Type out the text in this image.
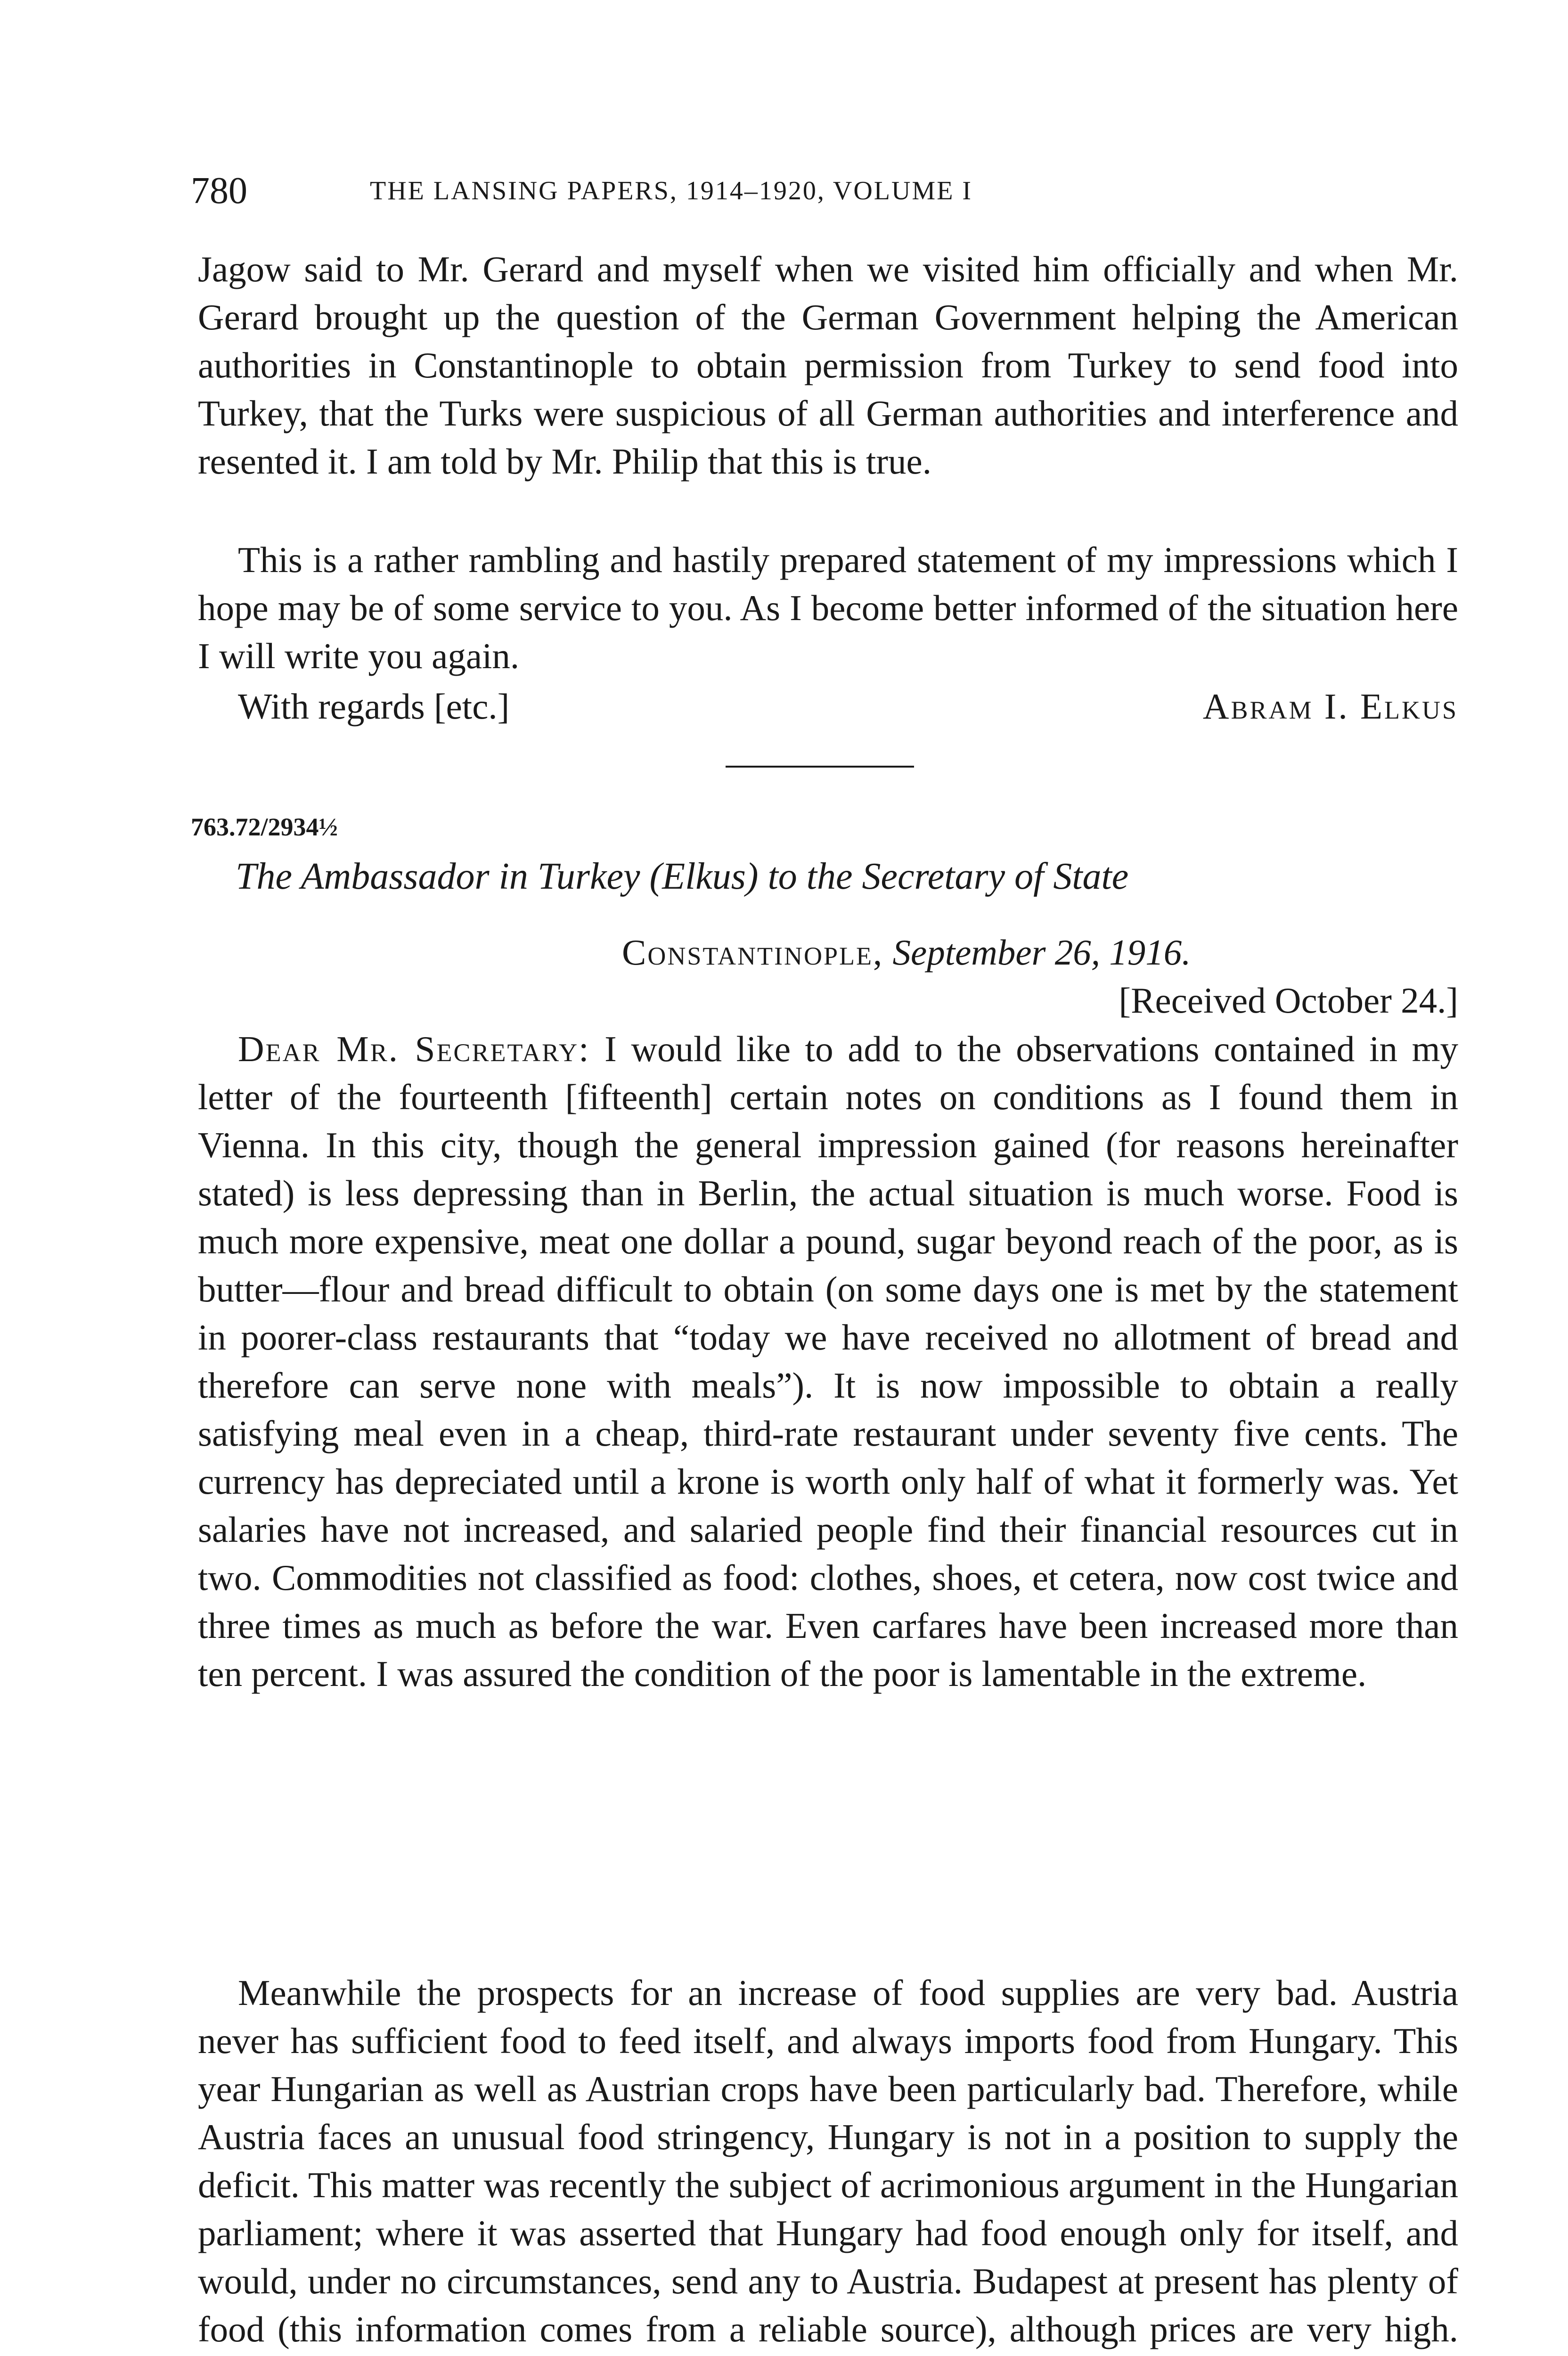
780	THE LANSING PAPERS, 1914–1920, VOLUME I

Jagow said to Mr. Gerard and myself when we visited him officially and when Mr. Gerard brought up the question of the German Government helping the American authorities in Constantinople to obtain permission from Turkey to send food into Turkey, that the Turks were suspicious of all German authorities and interference and resented it. I am told by Mr. Philip that this is true.

This is a rather rambling and hastily prepared statement of my impressions which I hope may be of some service to you. As I become better informed of the situation here I will write you again.

With regards [etc.]	Abram I. Elkus
763.72/2934½
The Ambassador in Turkey (Elkus) to the Secretary of State
Constantinople, September 26, 1916.
[Received October 24.]

Dear Mr. Secretary: I would like to add to the observations contained in my letter of the fourteenth [fifteenth] certain notes on conditions as I found them in Vienna. In this city, though the general impression gained (for reasons hereinafter stated) is less depressing than in Berlin, the actual situation is much worse. Food is much more expensive, meat one dollar a pound, sugar beyond reach of the poor, as is butter—flour and bread difficult to obtain (on some days one is met by the statement in poorer-class restaurants that “today we have received no allotment of bread and therefore can serve none with meals”). It is now impossible to obtain a really satisfying meal even in a cheap, third-rate restaurant under seventy five cents. The currency has depreciated until a krone is worth only half of what it formerly was. Yet salaries have not increased, and salaried people find their financial resources cut in two. Commodities not classified as food: clothes, shoes, et cetera, now cost twice and three times as much as before the war. Even carfares have been increased more than ten percent. I was assured the condition of the poor is lamentable in the extreme.

Meanwhile the prospects for an increase of food supplies are very bad. Austria never has sufficient food to feed itself, and always imports food from Hungary. This year Hungarian as well as Austrian crops have been particularly bad. Therefore, while Austria faces an unusual food stringency, Hungary is not in a position to supply the deficit. This matter was recently the subject of acrimonious argument in the Hungarian parliament; where it was asserted that Hungary had food enough only for itself, and would, under no circumstances, send any to Austria. Budapest at present has plenty of food (this information comes from a reliable source), although prices are very high.
